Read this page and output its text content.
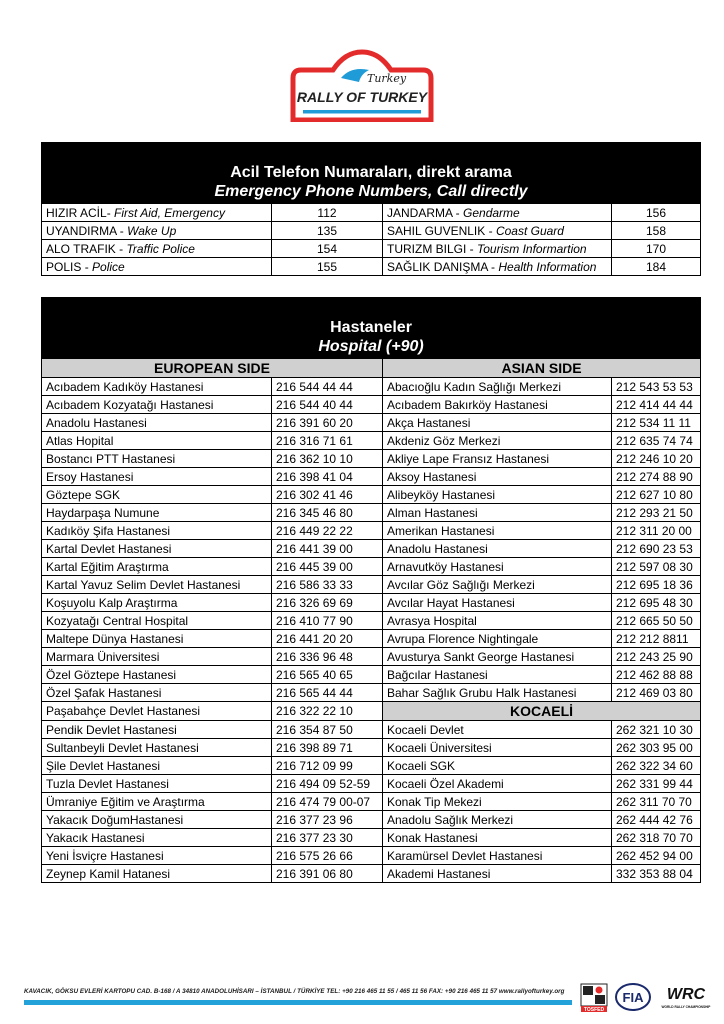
Turkey
RALLY OF TURKEY
Acil Telefon Numaraları, direkt arama
Emergency Phone Numbers, Call directly			

HIZIR ACİL- First Aid, Emergency	112	JANDARMA - Gendarme	156
UYANDIRMA - Wake Up	135	SAHIL GUVENLIK - Coast Guard	158
ALO TRAFIK - Traffic Police	154	TURIZM BILGI - Tourism Informartion	170
POLIS - Police	155	SAĞLIK DANIŞMA - Health Information	184
Hastaneler
Hospital (+90)			

EUROPEAN SIDE		ASIAN SIDE	
Acıbadem Kadıköy Hastanesi	216 544 44 44	Abacıoğlu Kadın Sağlığı Merkezi	212 543 53 53
Acıbadem Kozyatağı Hastanesi	216 544 40 44	Acıbadem Bakırköy Hastanesi	212 414 44 44
Anadolu Hastanesi	216 391 60 20	Akça Hastanesi	212 534 11 11
Atlas Hopital	216 316 71 61	Akdeniz Göz Merkezi	212 635 74 74
Bostancı PTT Hastanesi	216 362 10 10	Akliye Lape Fransız Hastanesi	212 246 10 20
Ersoy Hastanesi	216 398 41 04	Aksoy Hastanesi	212 274 88 90
Göztepe SGK	216 302 41 46	Alibeyköy Hastanesi	212 627 10 80
Haydarpaşa Numune	216 345 46 80	Alman Hastanesi	212 293 21 50
Kadıköy Şifa Hastanesi	216 449 22 22	Amerikan Hastanesi	212 311 20 00
Kartal Devlet Hastanesi	216 441 39 00	Anadolu Hastanesi	212 690 23 53
Kartal Eğitim Araştırma	216 445 39 00	Arnavutköy Hastanesi	212 597 08 30
Kartal Yavuz Selim Devlet Hastanesi	216 586 33 33	Avcılar Göz Sağlığı Merkezi	212 695 18 36
Koşuyolu Kalp Araştırma	216 326 69 69	Avcılar Hayat Hastanesi	212 695 48 30
Kozyatağı Central Hospital	216 410 77 90	Avrasya Hospital	212 665 50 50
Maltepe Dünya Hastanesi	216 441 20 20	Avrupa Florence Nightingale	212 212 8811
Marmara Üniversitesi	216 336 96 48	Avusturya Sankt George Hastanesi	212 243 25 90
Özel Göztepe Hastanesi	216 565 40 65	Bağcılar Hastanesi	212 462 88 88
Özel Şafak Hastanesi	216 565 44 44	Bahar Sağlık Grubu Halk Hastanesi	212 469 03 80
Paşabahçe Devlet Hastanesi	216 322 22 10	KOCAELİ	
Pendik Devlet Hastanesi	216 354 87 50	Kocaeli Devlet	262 321 10 30
Sultanbeyli Devlet Hastanesi	216 398 89 71	Kocaeli Üniversitesi	262 303 95 00
Şile Devlet Hastanesi	216 712 09 99	Kocaeli SGK	262 322 34 60
Tuzla Devlet Hastanesi	216 494 09 52-59	Kocaeli Özel Akademi	262 331 99 44
Ümraniye Eğitim ve Araştırma	216 474 79 00-07	Konak Tip Mekezi	262 311 70 70
Yakacık DoğumHastanesi	216 377 23 96	Anadolu Sağlık Merkezi	262 444 42 76
Yakacık Hastanesi	216 377 23 30	Konak Hastanesi	262 318 70 70
Yeni İsviçre Hastanesi	216 575 26 66	Karamürsel Devlet Hastanesi	262 452 94 00
Zeynep Kamil Hatanesi	216 391 06 80	Akademi Hastanesi	332 353 88 04
KAVACIK, GÖKSU EVLERİ KARTOPU CAD. B-168 / A 34810 ANADOLUHİSARI – İSTANBUL / TÜRKİYE TEL: +90 216 465 11 55 / 465 11 56 FAX: +90 216 465 11 57 www.rallyofturkey.org
TOSFED
FIA WRC
WORLD RALLY CHAMPIONSHIP
